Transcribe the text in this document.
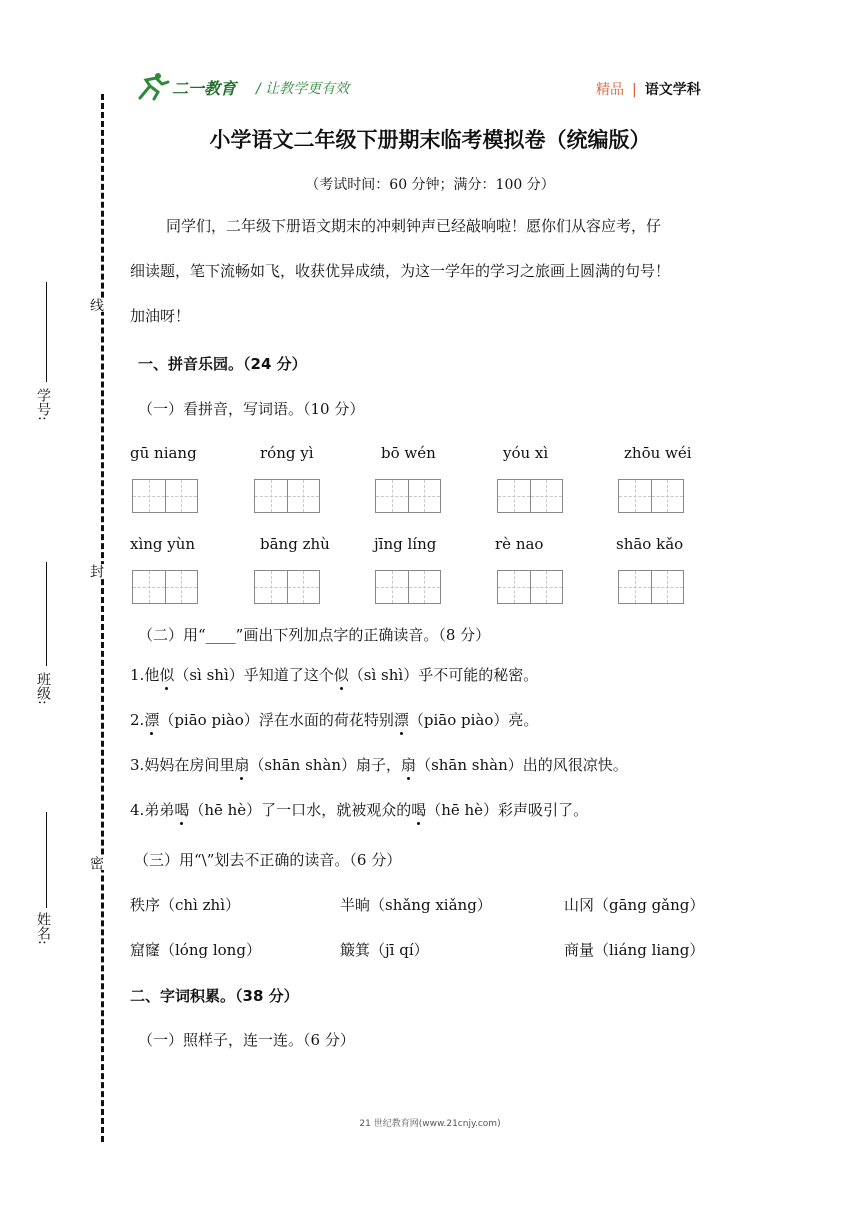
二一教育 / 让教学更有效	精品 | 语文学科
学号:
班级:
姓名:
线
封
密
小学语文二年级下册期末临考模拟卷（统编版）
（考试时间：60 分钟；满分：100 分）

同学们，二年级下册语文期末的冲刺钟声已经敲响啦！愿你们从容应考，仔

细读题，笔下流畅如飞，收获优异成绩，为这一学年的学习之旅画上圆满的句号！

加油呀！

一、拼音乐园。（24 分）
（一）看拼音，写词语。（10 分）
gū niang	róng yì	bō wén	yóu xì	zhōu wéi
xìng yùn	bāng zhù	jīng líng	rè nao	shāo kǎo
（二）用“____”画出下列加点字的正确读音。（8 分）
1.他似（sì shì）乎知道了这个似（sì shì）乎不可能的秘密。
2.漂（piāo piào）浮在水面的荷花特别漂（piāo piào）亮。
3.妈妈在房间里扇（shān shàn）扇子，扇（shān shàn）出的风很凉快。
4.弟弟喝（hē hè）了一口水，就被观众的喝（hē hè）彩声吸引了。
（三）用“\”划去不正确的读音。（6 分）
秩序（chì zhì）	半晌（shǎng xiǎng）	山冈（gāng gǎng）
窟窿（lóng long）	簸箕（jī qí）	商量（liáng liang）
二、字词积累。（38 分）
（一）照样子，连一连。（6 分）
21 世纪教育网(www.21cnjy.com)
